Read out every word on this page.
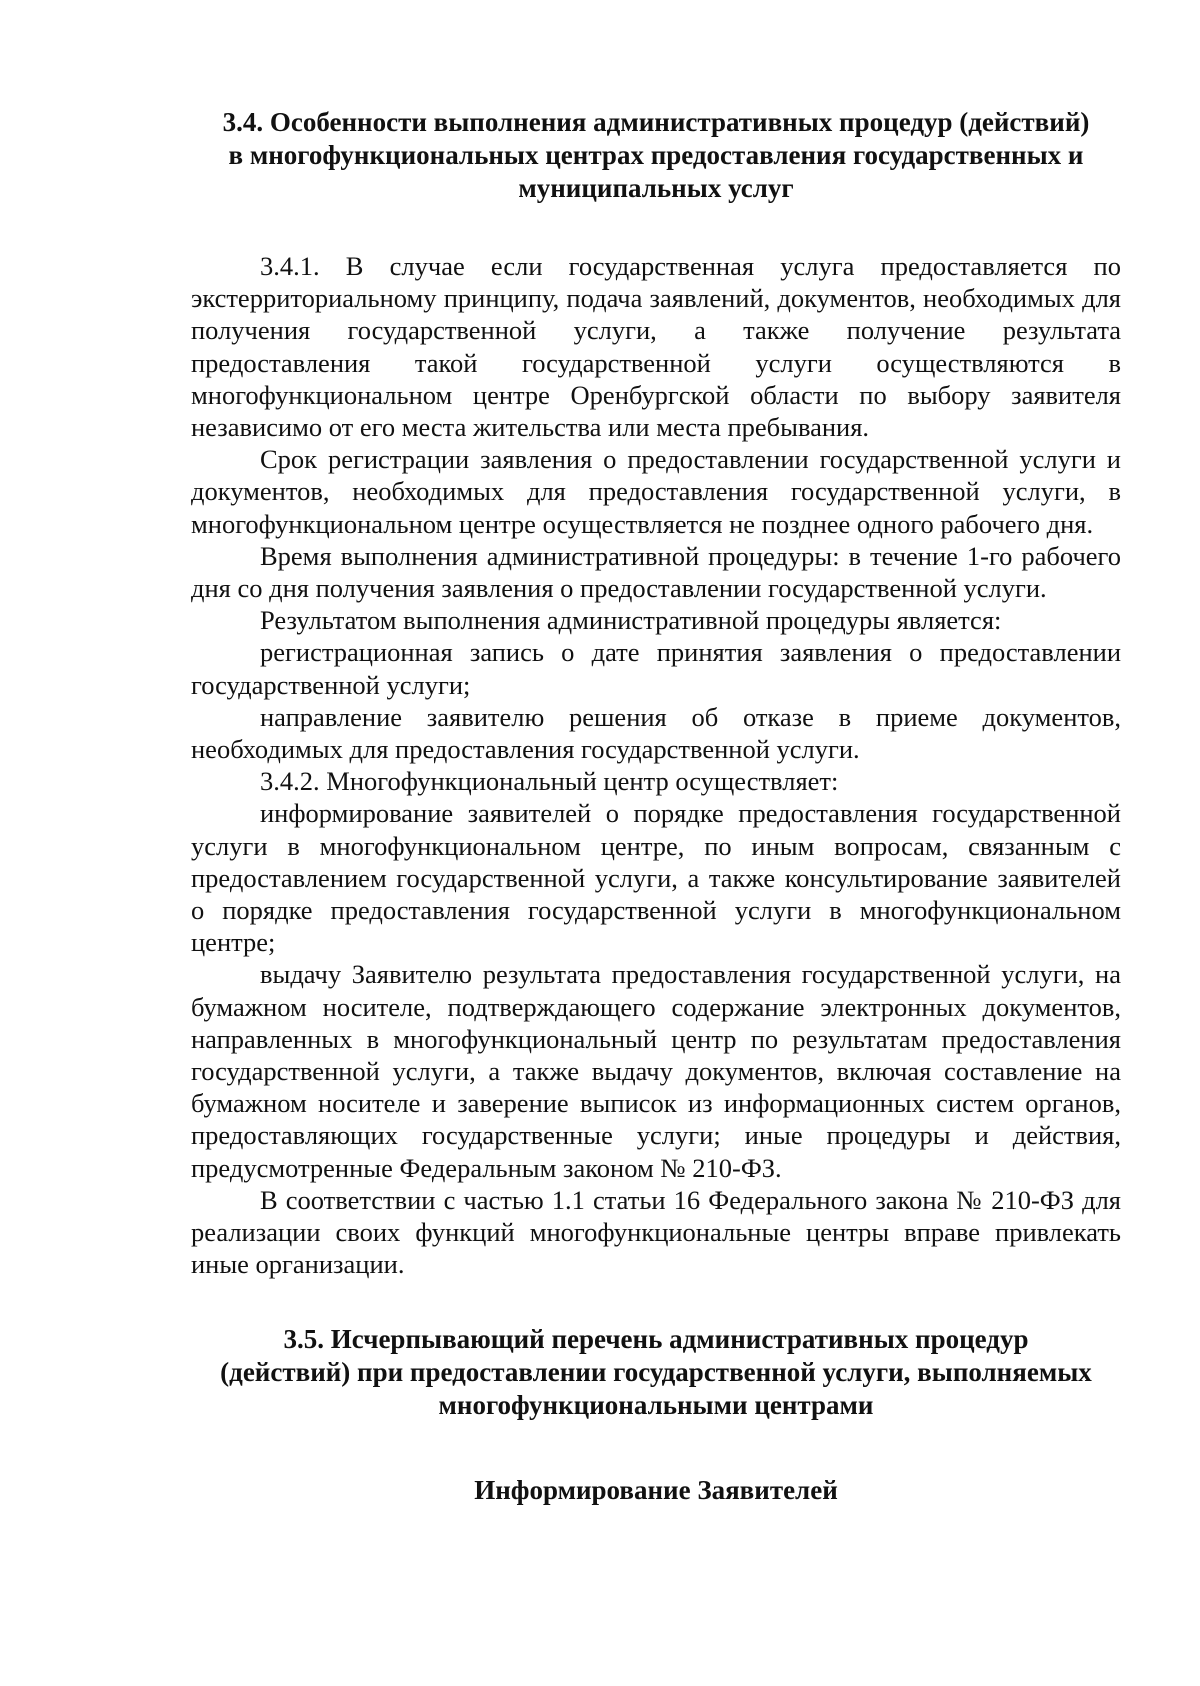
3.4. Особенности выполнения административных процедур (действий)
в многофункциональных центрах предоставления государственных и
муниципальных услуг

3.4.1. В случае если государственная услуга предоставляется по экстерриториальному принципу, подача заявлений, документов, необходимых для получения государственной услуги, а также получение результата предоставления такой государственной услуги осуществляются в многофункциональном центре Оренбургской области по выбору заявителя независимо от его места жительства или места пребывания.

Срок регистрации заявления о предоставлении государственной услуги и документов, необходимых для предоставления государственной услуги, в многофункциональном центре осуществляется не позднее одного рабочего дня.

Время выполнения административной процедуры: в течение 1-го рабочего дня со дня получения заявления о предоставлении государственной услуги.

Результатом выполнения административной процедуры является:

регистрационная запись о дате принятия заявления о предоставлении государственной услуги;

направление заявителю решения об отказе в приеме документов, необходимых для предоставления государственной услуги.

3.4.2. Многофункциональный центр осуществляет:

информирование заявителей о порядке предоставления государственной услуги в многофункциональном центре, по иным вопросам, связанным с предоставлением государственной услуги, а также консультирование заявителей о порядке предоставления государственной услуги в многофункциональном центре;

выдачу Заявителю результата предоставления государственной услуги, на бумажном носителе, подтверждающего содержание электронных документов, направленных в многофункциональный центр по результатам предоставления государственной услуги, а также выдачу документов, включая составление на бумажном носителе и заверение выписок из информационных систем органов, предоставляющих государственные услуги; иные процедуры и действия, предусмотренные Федеральным законом № 210-ФЗ.

В соответствии с частью 1.1 статьи 16 Федерального закона № 210-ФЗ для реализации своих функций многофункциональные центры вправе привлекать иные организации.

3.5. Исчерпывающий перечень административных процедур
(действий) при предоставлении государственной услуги, выполняемых
многофункциональными центрами
Информирование Заявителей
